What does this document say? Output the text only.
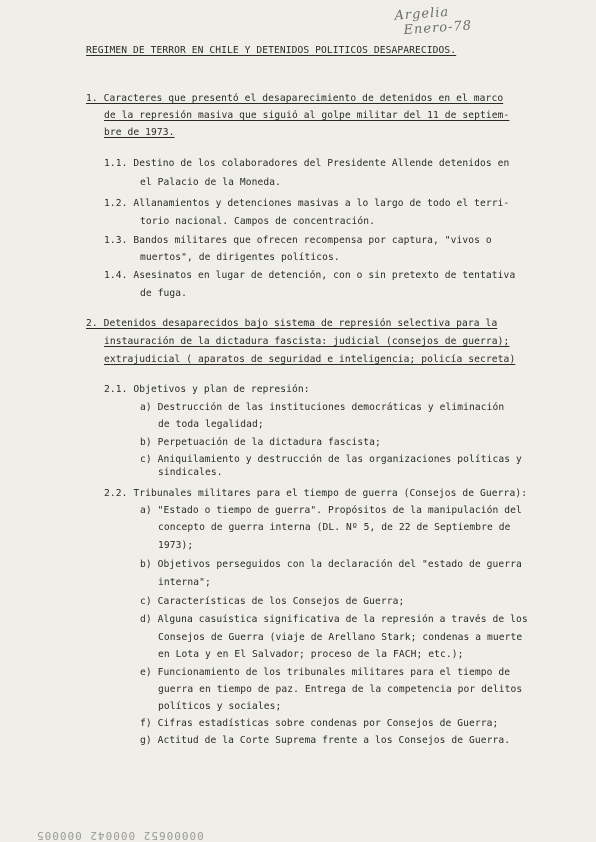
Argelia
Enero-78
REGIMEN DE TERROR EN CHILE Y DETENIDOS POLITICOS DESAPARECIDOS.
1. Caracteres que presentó el desaparecimiento de detenidos en el marco
de la represión masiva que siguió al golpe militar del 11 de septiem-
bre de 1973.
1.1. Destino de los colaboradores del Presidente Allende detenidos en
el Palacio de la Moneda.
1.2. Allanamientos y detenciones masivas a lo largo de todo el terri-
torio nacional. Campos de concentración.
1.3. Bandos militares que ofrecen recompensa por captura, "vivos o
muertos", de dirigentes políticos.
1.4. Asesinatos en lugar de detención, con o sin pretexto de tentativa
de fuga.
2. Detenidos desaparecidos bajo sistema de represión selectiva para la
instauración de la dictadura fascista: judicial (consejos de guerra);
extrajudicial ( aparatos de seguridad e inteligencia; policía secreta)
2.1. Objetivos y plan de represión:
a) Destrucción de las instituciones democráticas y eliminación
de toda legalidad;
b) Perpetuación de la dictadura fascista;
c) Aniquilamiento y destrucción de las organizaciones políticas y
sindicales.
2.2. Tribunales militares para el tiempo de guerra (Consejos de Guerra):
a) "Estado o tiempo de guerra". Propósitos de la manipulación del
concepto de guerra interna (DL. Nº 5, de 22 de Septiembre de
1973);
b) Objetivos perseguidos con la declaración del "estado de guerra
interna";
c) Características de los Consejos de Guerra;
d) Alguna casuística significativa de la represión a través de los
Consejos de Guerra (viaje de Arellano Stark; condenas a muerte
en Lota y en El Salvador; proceso de la FACH; etc.);
e) Funcionamiento de los tribunales militares para el tiempo de
guerra en tiempo de paz. Entrega de la competencia por delitos
políticos y sociales;
f) Cifras estadísticas sobre condenas por Consejos de Guerra;
g) Actitud de la Corte Suprema frente a los Consejos de Guerra.
00000652 000042 000005
